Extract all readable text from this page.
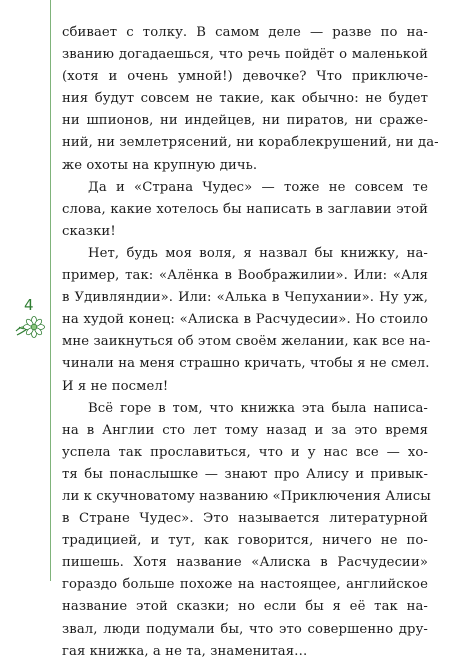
4
сбивает с толку. В самом деле — разве по на-
званию догадаешься, что речь пойдёт о маленькой
(хотя и очень умной!) девочке? Что приключе-
ния будут совсем не такие, как обычно: не будет
ни шпионов, ни индейцев, ни пиратов, ни сраже-
ний, ни землетрясений, ни кораблекрушений, ни да-
же охоты на крупную дичь.
Да и «Страна Чудес» — тоже не совсем те
слова, какие хотелось бы написать в заглавии этой
сказки!
Нет, будь моя воля, я назвал бы книжку, на-
пример, так: «Алёнка в Воображилии». Или: «Аля
в Удивляндии». Или: «Алька в Чепухании». Ну уж,
на худой конец: «Алиска в Расчудесии». Но стоило
мне заикнуться об этом своём желании, как все на-
чинали на меня страшно кричать, чтобы я не смел.
И я не посмел!
Всё горе в том, что книжка эта была написа-
на в Англии сто лет тому назад и за это время
успела так прославиться, что и у нас все — хо-
тя бы понаслышке — знают про Алису и привык-
ли к скучноватому названию «Приключения Алисы
в Стране Чудес». Это называется литературной
традицией, и тут, как говорится, ничего не по-
пишешь. Хотя название «Алиска в Расчудесии»
гораздо больше похоже на настоящее, английское
название этой сказки; но если бы я её так на-
звал, люди подумали бы, что это совершенно дру-
гая книжка, а не та, знаменитая…
